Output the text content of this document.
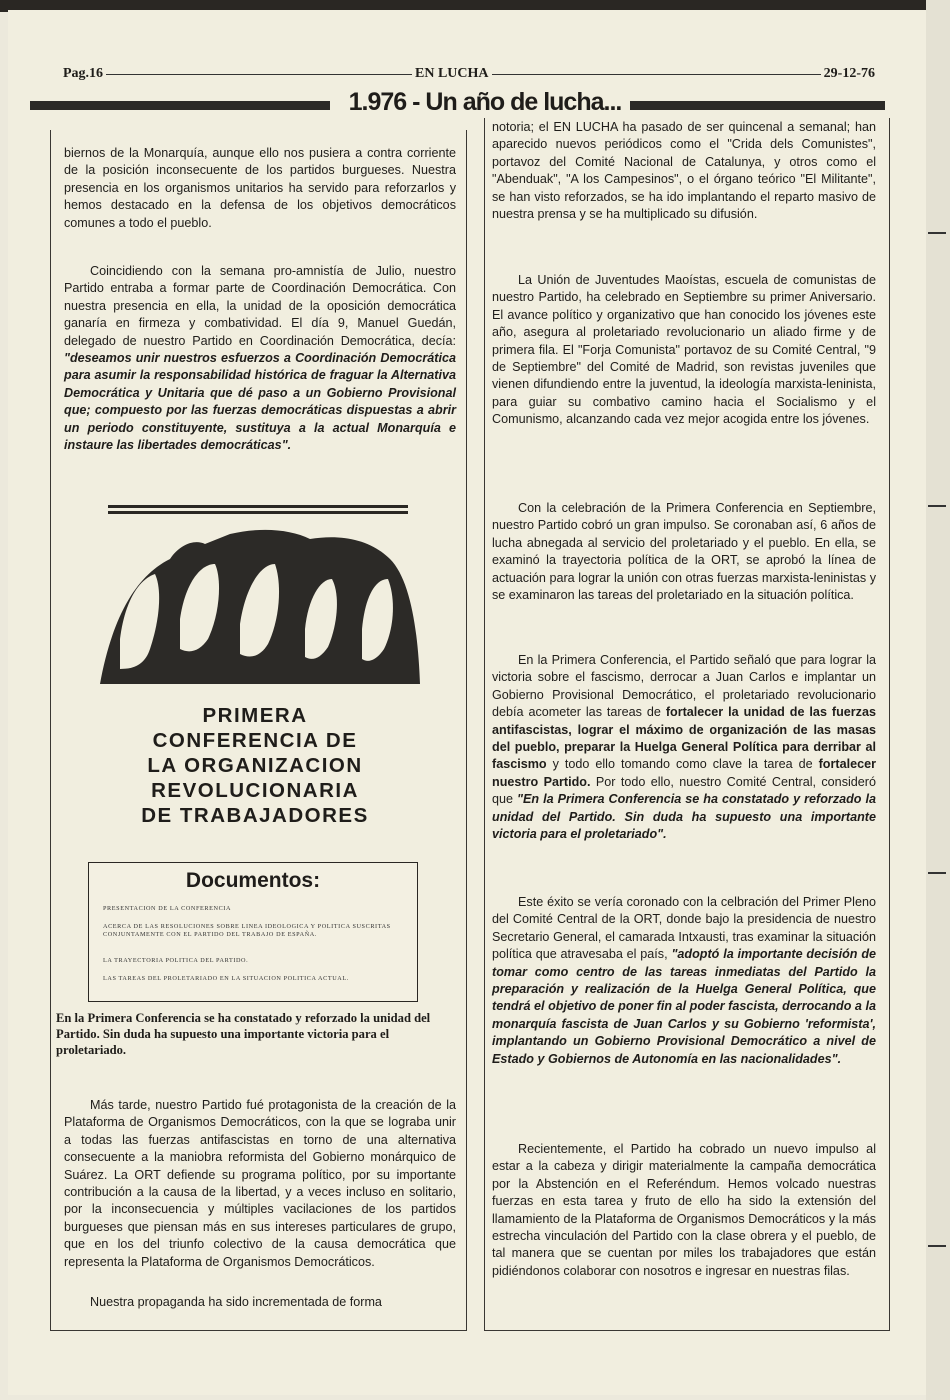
Pag.16	EN LUCHA	29-12-76
1.976 - Un año de lucha...

biernos de la Monarquía, aunque ello nos pusiera a contra corriente de la posición inconsecuente de los partidos burgueses. Nuestra presencia en los organismos unitarios ha servido para reforzarlos y hemos destacado en la defensa de los objetivos democráticos comunes a todo el pueblo.

Coincidiendo con la semana pro-amnistía de Julio, nuestro Partido entraba a formar parte de Coordinación Democrática. Con nuestra presencia en ella, la unidad de la oposición democrática ganaría en firmeza y combatividad. El día 9, Manuel Guedán, delegado de nuestro Partido en Coordinación Democrática, decía: "deseamos unir nuestros esfuerzos a Coordinación Democrática para asumir la responsabilidad histórica de fraguar la Alternativa Democrática y Unitaria que dé paso a un Gobierno Provisional que; compuesto por las fuerzas democráticas dispuestas a abrir un periodo constituyente, sustituya a la actual Monarquía e instaure las libertades democráticas".

PRIMERA
CONFERENCIA DE
LA ORGANIZACION
REVOLUCIONARIA
DE TRABAJADORES
Documentos:
PRESENTACION DE LA CONFERENCIA
ACERCA DE LAS RESOLUCIONES SOBRE LINEA IDEOLOGICA Y POLITICA SUSCRITAS CONJUNTAMENTE CON EL PARTIDO DEL TRABAJO DE ESPAÑA.
LA TRAYECTORIA POLITICA DEL PARTIDO.
LAS TAREAS DEL PROLETARIADO EN LA SITUACION POLITICA ACTUAL.
En la Primera Conferencia se ha constatado y reforzado la unidad del Partido. Sin duda ha supuesto una importante victoria para el proletariado.

Más tarde, nuestro Partido fué protagonista de la creación de la Plataforma de Organismos Democráticos, con la que se lograba unir a todas las fuerzas antifascistas en torno de una alternativa consecuente a la maniobra reformista del Gobierno monárquico de Suárez. La ORT defiende su programa político, por su importante contribución a la causa de la libertad, y a veces incluso en solitario, por la inconsecuencia y múltiples vacilaciones de los partidos burgueses que piensan más en sus intereses particulares de grupo, que en los del triunfo colectivo de la causa democrática que representa la Plataforma de Organismos Democráticos.

Nuestra propaganda ha sido incrementada de forma

notoria; el EN LUCHA ha pasado de ser quincenal a semanal; han aparecido nuevos periódicos como el "Crida dels Comunistes", portavoz del Comité Nacional de Catalunya, y otros como el "Abenduak", "A los Campesinos", o el órgano teórico "El Militante", se han visto reforzados, se ha ido implantando el reparto masivo de nuestra prensa y se ha multiplicado su difusión.

La Unión de Juventudes Maoístas, escuela de comunistas de nuestro Partido, ha celebrado en Septiembre su primer Aniversario. El avance político y organizativo que han conocido los jóvenes este año, asegura al proletariado revolucionario un aliado firme y de primera fila. El "Forja Comunista" portavoz de su Comité Central, "9 de Septiembre" del Comité de Madrid, son revistas juveniles que vienen difundiendo entre la juventud, la ideología marxista-leninista, para guiar su combativo camino hacia el Socialismo y el Comunismo, alcanzando cada vez mejor acogida entre los jóvenes.

Con la celebración de la Primera Conferencia en Septiembre, nuestro Partido cobró un gran impulso. Se coronaban así, 6 años de lucha abnegada al servicio del proletariado y el pueblo. En ella, se examinó la trayectoria política de la ORT, se aprobó la línea de actuación para lograr la unión con otras fuerzas marxista-leninistas y se examinaron las tareas del proletariado en la situación política.

En la Primera Conferencia, el Partido señaló que para lograr la victoria sobre el fascismo, derrocar a Juan Carlos e implantar un Gobierno Provisional Democrático, el proletariado revolucionario debía acometer las tareas de fortalecer la unidad de las fuerzas antifascistas, lograr el máximo de organización de las masas del pueblo, preparar la Huelga General Política para derribar al fascismo y todo ello tomando como clave la tarea de fortalecer nuestro Partido. Por todo ello, nuestro Comité Central, consideró que "En la Primera Conferencia se ha constatado y reforzado la unidad del Partido. Sin duda ha supuesto una importante victoria para el proletariado".

Este éxito se vería coronado con la celbración del Primer Pleno del Comité Central de la ORT, donde bajo la presidencia de nuestro Secretario General, el camarada Intxausti, tras examinar la situación política que atravesaba el país, "adoptó la importante decisión de tomar como centro de las tareas inmediatas del Partido la preparación y realización de la Huelga General Política, que tendrá el objetivo de poner fin al poder fascista, derrocando a la monarquía fascista de Juan Carlos y su Gobierno 'reformista', implantando un Gobierno Provisional Democrático a nivel de Estado y Gobiernos de Autonomía en las nacionalidades".

Recientemente, el Partido ha cobrado un nuevo impulso al estar a la cabeza y dirigir materialmente la campaña democrática por la Abstención en el Referéndum. Hemos volcado nuestras fuerzas en esta tarea y fruto de ello ha sido la extensión del llamamiento de la Plataforma de Organismos Democráticos y la más estrecha vinculación del Partido con la clase obrera y el pueblo, de tal manera que se cuentan por miles los trabajadores que están pidiéndonos colaborar con nosotros e ingresar en nuestras filas.
